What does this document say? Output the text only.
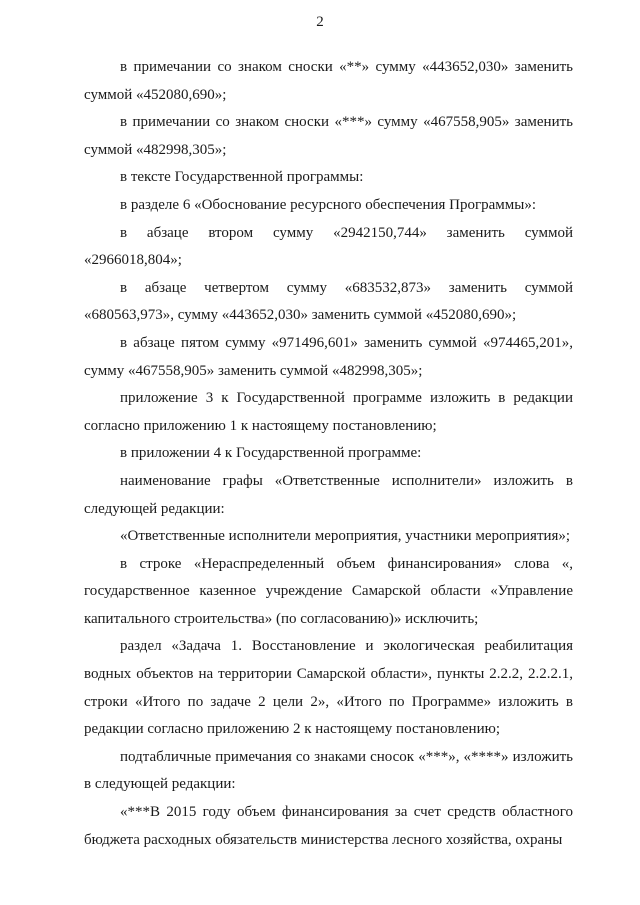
2

в примечании со знаком сноски «**» сумму «443652,030» заменить суммой «452080,690»;

в примечании со знаком сноски «***» сумму «467558,905» заменить суммой «482998,305»;

в тексте Государственной программы:

в разделе 6 «Обоснование ресурсного обеспечения Программы»:

в абзаце втором сумму «2942150,744» заменить суммой «2966018,804»;

в абзаце четвертом сумму «683532,873» заменить суммой «680563,973», сумму «443652,030» заменить суммой «452080,690»;

в абзаце пятом сумму «971496,601» заменить суммой «974465,201», сумму «467558,905» заменить суммой «482998,305»;

приложение 3 к Государственной программе изложить в редакции согласно приложению 1 к настоящему постановлению;

в приложении 4 к Государственной программе:

наименование графы «Ответственные исполнители» изложить в следующей редакции:

«Ответственные исполнители мероприятия, участники мероприятия»;

в строке «Нераспределенный объем финансирования» слова «, государственное казенное учреждение Самарской области «Управление капитального строительства» (по согласованию)» исключить;

раздел «Задача 1. Восстановление и экологическая реабилитация водных объектов на территории Самарской области», пункты 2.2.2, 2.2.2.1, строки «Итого по задаче 2 цели 2», «Итого по Программе» изложить в редакции согласно приложению 2 к настоящему постановлению;

подтабличные примечания со знаками сносок «***», «****» изложить в следующей редакции:

«***В 2015 году объем финансирования за счет средств областного бюджета расходных обязательств министерства лесного хозяйства, охраны
